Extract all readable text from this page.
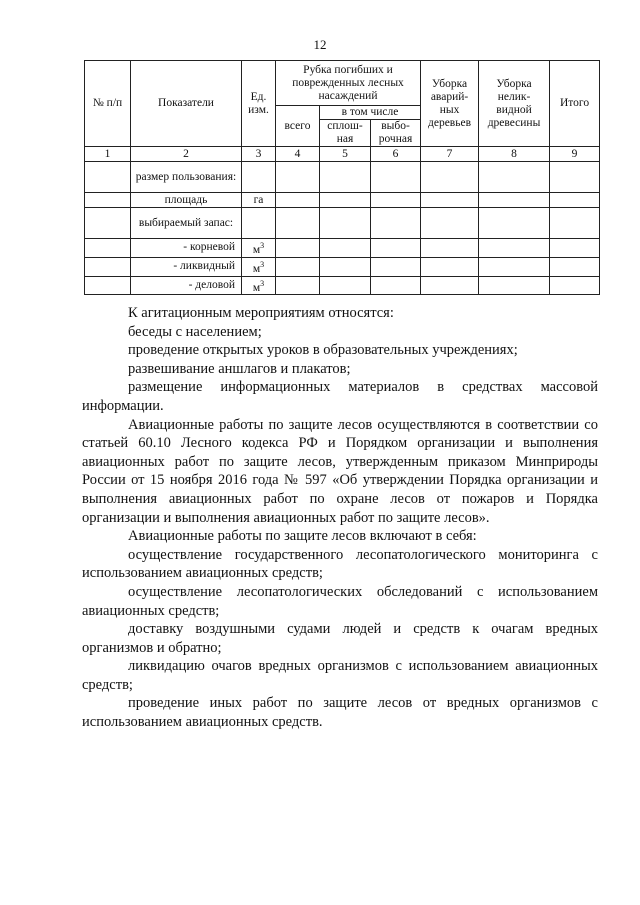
12
№ п/п	Показатели	Ед. изм.	Рубка погибших и поврежденных лесных насаждений			Уборка аварий-ных деревьев	Уборка нелик-видной древесины	Итого
			всего	в том числе				
				сплош-ная	выбо-рочная			
1	2	3	4	5	6	7	8	9
	размер пользования:							
	площадь	га						
	выбираемый запас:							
	- корневой	$м^3$						
	- ликвидный	$м^3$						
	- деловой	$м^3$						

К агитационным мероприятиям относятся:

беседы с населением;

проведение открытых уроков в образовательных учреждениях;

развешивание аншлагов и плакатов;

размещение информационных материалов в средствах массовой информации.

Авиационные работы по защите лесов осуществляются в соответствии со статьей 60.10 Лесного кодекса РФ и Порядком организации и выполнения авиационных работ по защите лесов, утвержденным приказом Минприроды России от 15 ноября 2016 года № 597 «Об утверждении Порядка организации и выполнения авиационных работ по охране лесов от пожаров и Порядка организации и выполнения авиационных работ по защите лесов».

Авиационные работы по защите лесов включают в себя:

осуществление государственного лесопатологического мониторинга с использованием авиационных средств;

осуществление лесопатологических обследований с использованием авиационных средств;

доставку воздушными судами людей и средств к очагам вредных организмов и обратно;

ликвидацию очагов вредных организмов с использованием авиационных средств;

проведение иных работ по защите лесов от вредных организмов с использованием авиационных средств.
